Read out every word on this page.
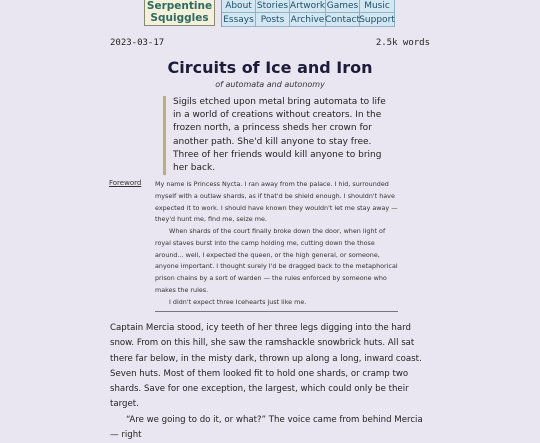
Serpentine
Squiggles
About Stories Artwork Games Music
Essays Posts Archive Contact Support
2023-03-17	2.5k words
Circuits of Ice and Iron
of automata and autonomy
Sigils etched upon metal bring automata to life in a world of creations without creators. In the frozen north, a princess sheds her crown for another path. She'd kill anyone to stay free. Three of her friends would kill anyone to bring her back.
Foreword My name is Princess Nycta. I ran away from the palace. I hid, surrounded myself with a outlaw shards, as if that'd be shield enough. I shouldn't have expected it to work. I should have known they wouldn't let me stay away — they'd hunt me, find me, seize me.

When shards of the court finally broke down the door, when light of royal staves burst into the camp holding me, cutting down the those around... well, I expected the queen, or the high general, or someone, anyone important. I thought surely I'd be dragged back to the metaphorical prison chains by a sort of warden — the rules enforced by someone who makes the rules.

I didn't expect three Icehearts just like me.

Captain Mercia stood, icy teeth of her three legs digging into the hard snow. From on this hill, she saw the ramshackle snowbrick huts. All sat there far below, in the misty dark, thrown up along a long, inward coast. Seven huts. Most of them looked fit to hold one shards, or cramp two shards. Save for one exception, the largest, which could only be their target.

“Are we going to do it, or what?” The voice came from behind Mercia — right
